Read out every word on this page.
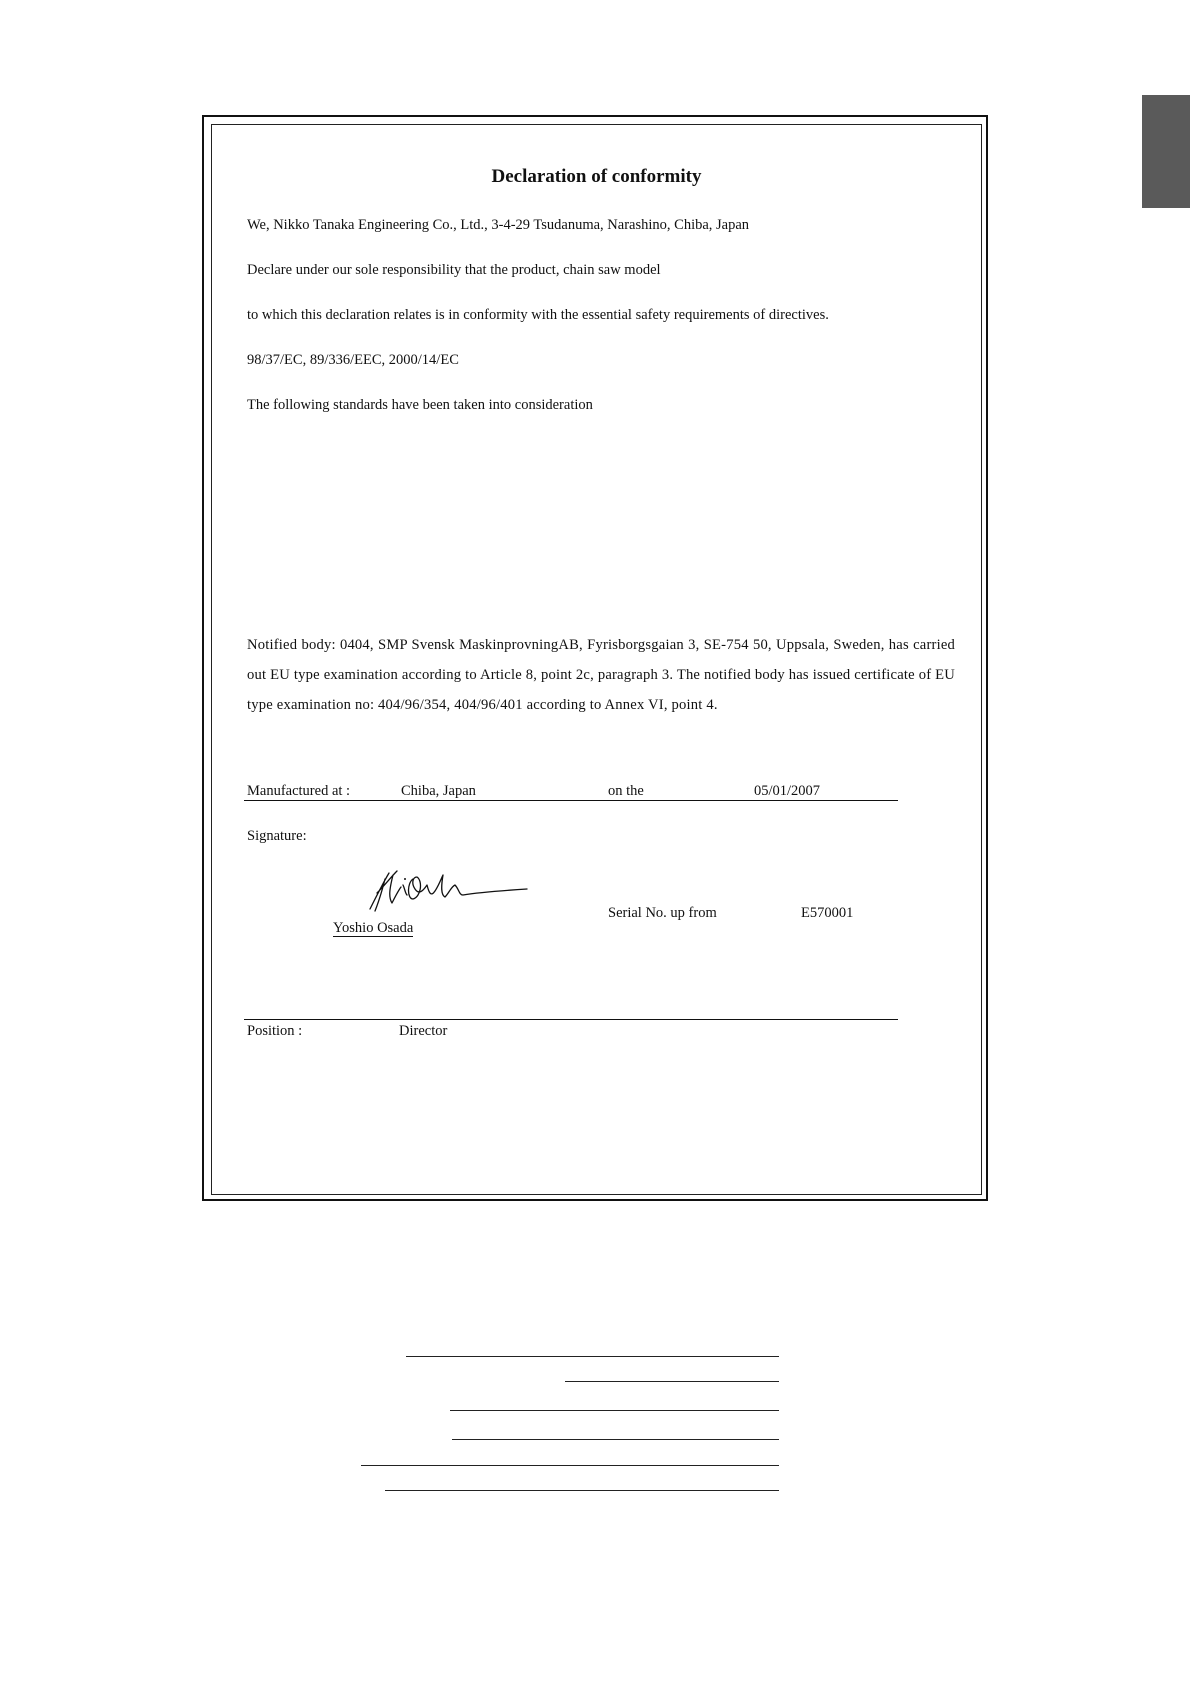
Declaration of conformity
We, Nikko Tanaka Engineering Co., Ltd., 3-4-29 Tsudanuma, Narashino, Chiba, Japan
Declare under our sole responsibility that the product, chain saw model
to which this declaration relates is in conformity with the essential safety requirements of directives.
98/37/EC, 89/336/EEC, 2000/14/EC
The following standards have been taken into consideration
Notified body: 0404, SMP Svensk MaskinprovningAB, Fyrisborgsgaian 3, SE-754 50, Uppsala, Sweden, has carried out EU type examination according to Article 8, point 2c, paragraph 3. The notified body has issued certificate of EU type examination no: 404/96/354, 404/96/401 according to Annex VI, point 4.
Manufactured at :	Chiba, Japan	on the	05/01/2007
Signature:
Yoshio Osada
Serial No. up from	E570001
Position :	Director
